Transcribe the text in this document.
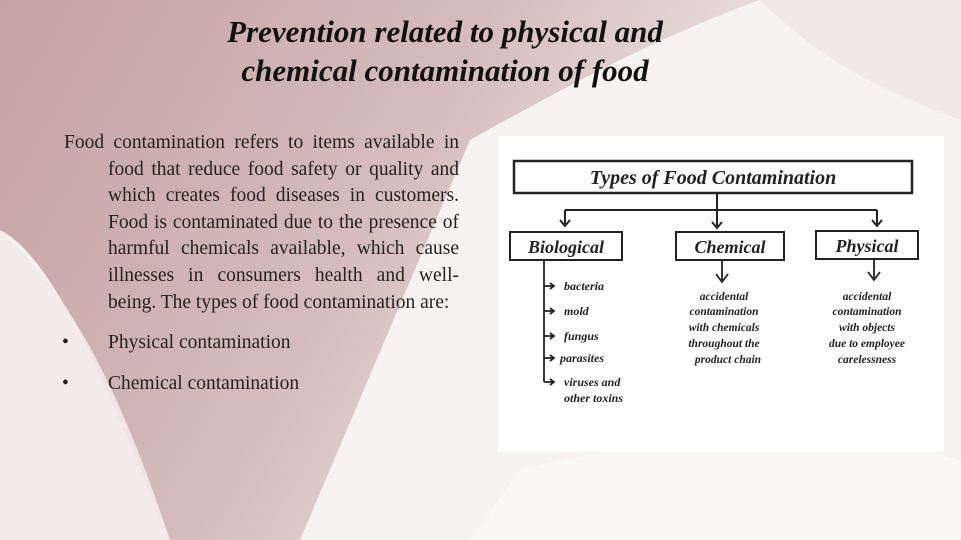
Prevention related to physical and
chemical contamination of food

Food contamination refers to items available in food that reduce food safety or quality and which creates food diseases in customers. Food is contaminated due to the presence of harmful chemicals available, which cause illnesses in consumers health and well-being. The types of food contamination are:

• Physical contamination
• Chemical contamination
Types of Food Contamination
Biological	Chemical	Physical
bacteria
mold
fungus
parasites
viruses and
other toxins
accidental
contamination
with chemicals
throughout the
product chain
accidental
contamination
with objects
due to employee
carelessness
